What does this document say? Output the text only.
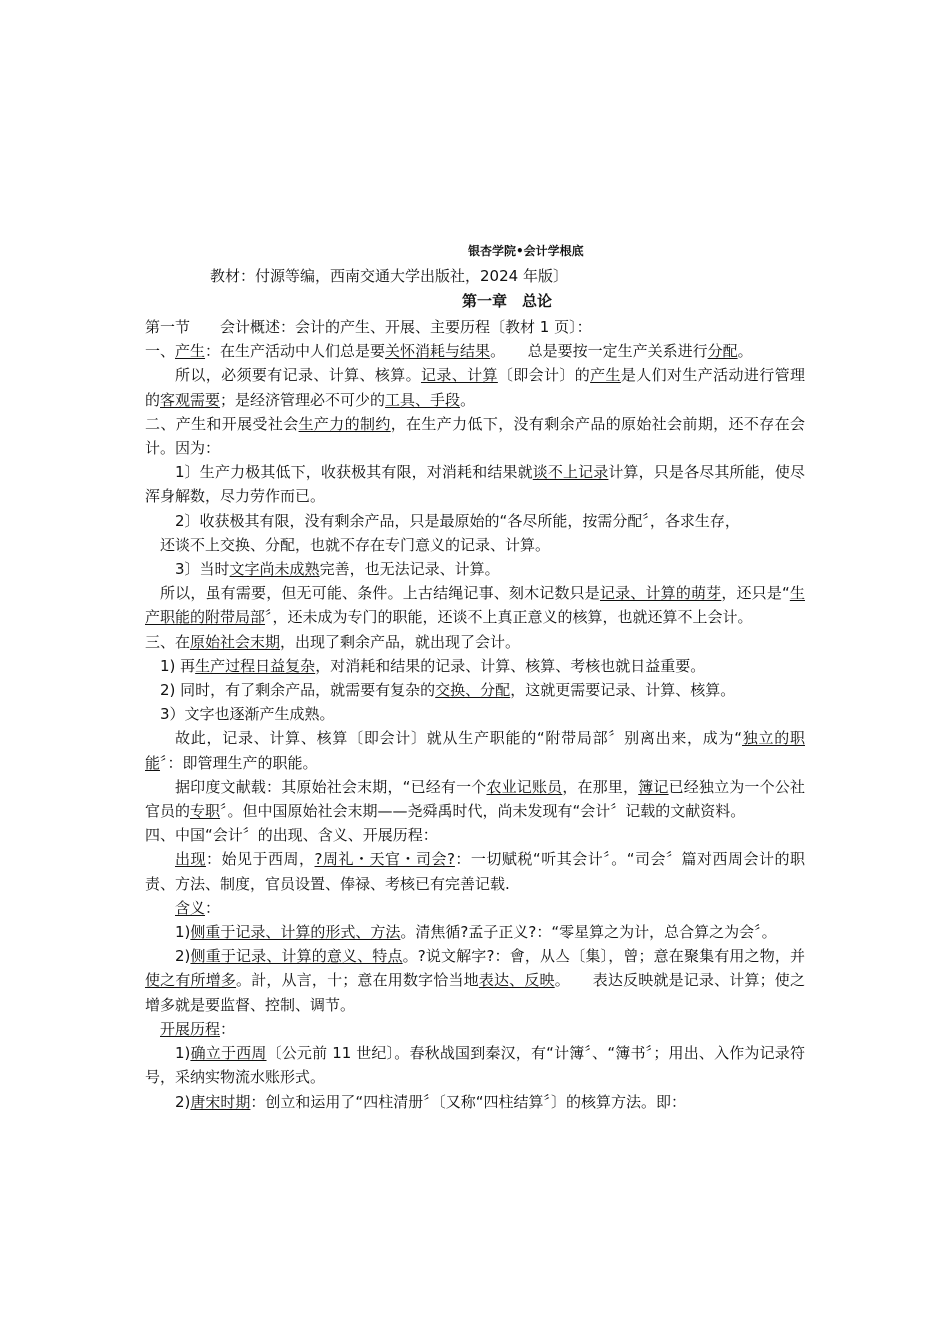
银杏学院•会计学根底
教材：付源等编，西南交通大学出版社，2024 年版〕
第一章　总论

第一节　　会计概述：会计的产生、开展、主要历程〔教材 1 页〕：

一、产生：在生产活动中人们总是要关怀消耗与结果。　　总是要按一定生产关系进行分配。

所以，必须要有记录、计算、核算。记录、计算〔即会计〕的产生是人们对生产活动进行管理的客观需要；是经济管理必不可少的工具、手段。

二、产生和开展受社会生产力的制约，在生产力低下，没有剩余产品的原始社会前期，还不存在会计。因为：

1〕生产力极其低下，收获极其有限，对消耗和结果就谈不上记录计算，只是各尽其所能，使尽浑身解数，尽力劳作而已。

2〕收获极其有限，没有剩余产品，只是最原始的“各尽所能，按需分配〞，各求生存，

还谈不上交换、分配，也就不存在专门意义的记录、计算。

3〕当时文字尚未成熟完善，也无法记录、计算。

所以，虽有需要，但无可能、条件。上古结绳记事、刻木记数只是记录、计算的萌芽，还只是“生产职能的附带局部〞，还未成为专门的职能，还谈不上真正意义的核算，也就还算不上会计。

三、在原始社会末期，出现了剩余产品，就出现了会计。

1) 再生产过程日益复杂，对消耗和结果的记录、计算、核算、考核也就日益重要。

2) 同时，有了剩余产品，就需要有复杂的交换、分配，这就更需要记录、计算、核算。

3）文字也逐渐产生成熟。

故此，记录、计算、核算〔即会计〕就从生产职能的“附带局部〞别离出来，成为“独立的职能〞：即管理生产的职能。

据印度文献载：其原始社会末期，“已经有一个农业记账员，在那里，簿记已经独立为一个公社官员的专职〞。但中国原始社会末期——尧舜禹时代，尚未发现有“会计〞记载的文献资料。

四、中国“会计〞的出现、含义、开展历程：

出现：始见于西周，?周礼・天官・司会?：一切赋税“听其会计〞。“司会〞篇对西周会计的职责、方法、制度，官员设置、俸禄、考核已有完善记载.

含义：

1)侧重于记录、计算的形式、方法。清焦循?孟子正义?：“零星算之为计，总合算之为会〞。

2)侧重于记录、计算的意义、特点。?说文解字?：會，从亼〔集〕，曾；意在聚集有用之物，并使之有所增多。計，从言，十；意在用数字恰当地表达、反映。　　表达反映就是记录、计算；使之增多就是要监督、控制、调节。

开展历程：

1)确立于西周〔公元前 11 世纪〕。春秋战国到秦汉，有“计簿〞、“簿书〞；用出、入作为记录符号，采纳实物流水账形式。

2)唐宋时期：创立和运用了“四柱清册〞〔又称“四柱结算〞〕的核算方法。即：
